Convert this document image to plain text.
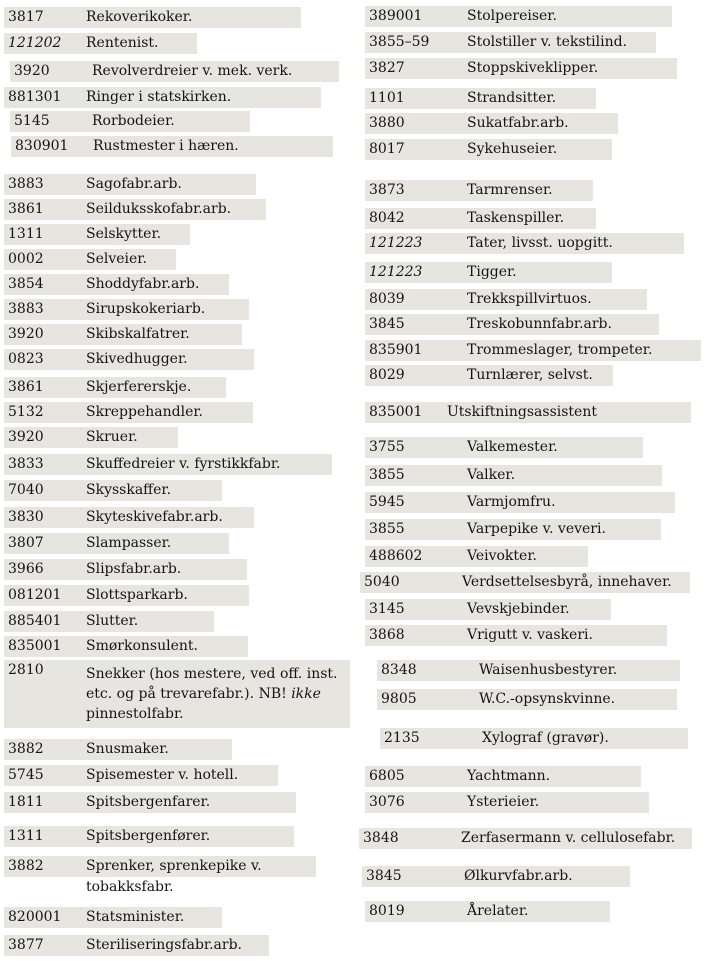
3817	Rekoverikoker.
121202 Rentenist.
3920	Revolverdreier v. mek. verk.
881301 Ringer i statskirken.
5145	Rorbodeier.
830901 Rustmester i hæren.
3883	Sagofabr.arb.
3861	Seilduksskofabr.arb.
1311	Selskytter.
0002	Selveier.
3854	Shoddyfabr.arb.
3883	Sirupskokeriarb.
3920	Skibskalfatrer.
0823	Skivedhugger.
3861	Skjerfererskje.
5132	Skreppehandler.
3920	Skruer.
3833	Skuffedreier v. fyrstikkfabr.
7040	Skysskaffer.
3830	Skyteskivefabr.arb.
3807	Slampasser.
3966	Slipsfabr.arb.
081201 Slottsparkarb.
885401 Slutter.
835001 Smørkonsulent.
2810	Snekker (hos mestere, ved off. inst. etc. og på trevarefabr.). NB! ikke pinnestolfabr.
3882	Snusmaker.
5745	Spisemester v. hotell.
1811	Spitsbergenfarer.
1311	Spitsbergenfører.
3882	Sprenker, sprenkepike v. tobakksfabr.
820001 Statsminister.
3877	Steriliseringsfabr.arb.
389001	Stolpereiser.
3855–59	Stolstiller v. tekstilind.
3827	Stoppskiveklipper.
1101	Strandsitter.
3880	Sukatfabr.arb.
8017	Sykehuseier.
3873	Tarmrenser.
8042	Taskenspiller.
121223	Tater, livsst. uopgitt.
121223	Tigger.
8039	Trekkspillvirtuos.
3845	Treskobunnfabr.arb.
835901	Trommeslager, trompeter.
8029	Turnlærer, selvst.
835001 Utskiftningsassistent
3755	Valkemester.
3855	Valker.
5945	Varmjomfru.
3855	Varpepike v. veveri.
488602	Veivokter.
5040	Verdsettelsesbyrå, innehaver.
3145	Vevskjebinder.
3868	Vrigutt v. vaskeri.
8348	Waisenhusbestyrer.
9805	W.C.-opsynskvinne.
2135	Xylograf (gravør).
6805	Yachtmann.
3076	Ysterieier.
3848	Zerfasermann v. cellulosefabr.
3845	Ølkurvfabr.arb.
8019	Årelater.
